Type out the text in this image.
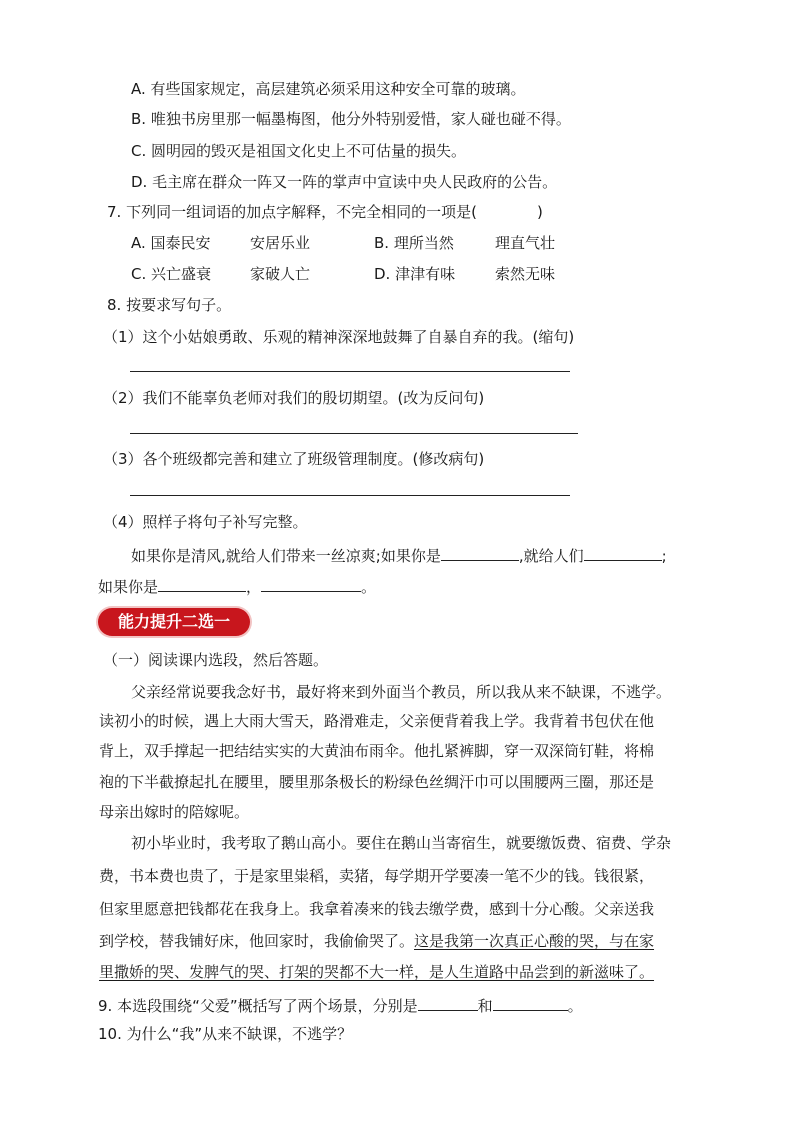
A. 有些国家规定，高层建筑必须采用这种安全可靠的玻璃。
B. 唯独书房里那一幅墨梅图，他分外特别爱惜，家人碰也碰不得。
C. 圆明园的毁灭是祖国文化史上不可估量的损失。
D. 毛主席在群众一阵又一阵的掌声中宣读中央人民政府的公告。
7. 下列同一组词语的加点字解释，不完全相同的一项是(	)
A. 国泰民安	安居乐业	B. 理所当然	理直气壮
C. 兴亡盛衰	家破人亡	D. 津津有味	索然无味
8. 按要求写句子。
（1）这个小姑娘勇敢、乐观的精神深深地鼓舞了自暴自弃的我。(缩句)
（2）我们不能辜负老师对我们的殷切期望。(改为反问句)
（3）各个班级都完善和建立了班级管理制度。(修改病句)
（4）照样子将句子补写完整。
如果你是清风,就给人们带来一丝凉爽;如果你是	,就给人们	;
如果你是	，	。
能力提升二选一
（一）阅读课内选段，然后答题。
父亲经常说要我念好书，最好将来到外面当个教员，所以我从来不缺课，不逃学。
读初小的时候，遇上大雨大雪天，路滑难走，父亲便背着我上学。我背着书包伏在他
背上，双手撑起一把结结实实的大黄油布雨伞。他扎紧裤脚，穿一双深筒钉鞋，将棉
袍的下半截撩起扎在腰里，腰里那条极长的粉绿色丝绸汗巾可以围腰两三圈，那还是
母亲出嫁时的陪嫁呢。
初小毕业时，我考取了鹅山高小。要住在鹅山当寄宿生，就要缴饭费、宿费、学杂
费，书本费也贵了，于是家里粜稻，卖猪，每学期开学要凑一笔不少的钱。钱很紧，
但家里愿意把钱都花在我身上。我拿着凑来的钱去缴学费，感到十分心酸。父亲送我
到学校，替我铺好床，他回家时，我偷偷哭了。这是我第一次真正心酸的哭，与在家
里撒娇的哭、发脾气的哭、打架的哭都不大一样，是人生道路中品尝到的新滋味了。
9. 本选段围绕“父爱”概括写了两个场景，分别是	和	。
10. 为什么“我”从来不缺课，不逃学？
